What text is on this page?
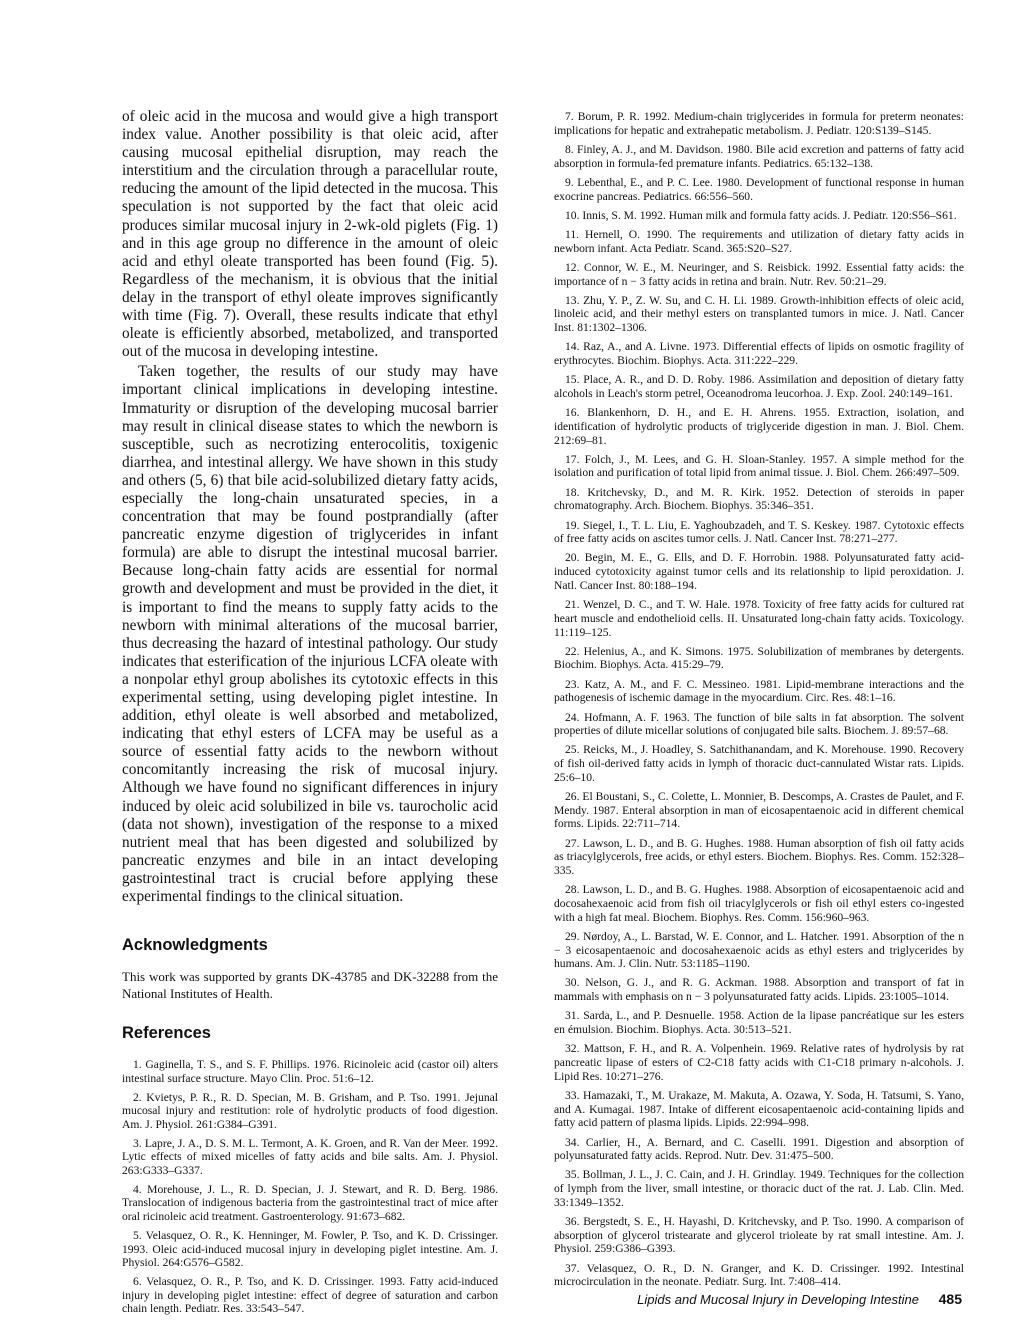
of oleic acid in the mucosa and would give a high transport index value. Another possibility is that oleic acid, after causing mucosal epithelial disruption, may reach the interstitium and the circulation through a paracellular route, reducing the amount of the lipid detected in the mucosa. This speculation is not supported by the fact that oleic acid produces similar mucosal injury in 2-wk-old piglets (Fig. 1) and in this age group no difference in the amount of oleic acid and ethyl oleate transported has been found (Fig. 5). Regardless of the mechanism, it is obvious that the initial delay in the transport of ethyl oleate improves significantly with time (Fig. 7). Overall, these results indicate that ethyl oleate is efficiently absorbed, metabolized, and transported out of the mucosa in developing intestine.

Taken together, the results of our study may have important clinical implications in developing intestine. Immaturity or disruption of the developing mucosal barrier may result in clinical disease states to which the newborn is susceptible, such as necrotizing enterocolitis, toxigenic diarrhea, and intestinal allergy. We have shown in this study and others (5, 6) that bile acid-solubilized dietary fatty acids, especially the long-chain unsaturated species, in a concentration that may be found postprandially (after pancreatic enzyme digestion of triglycerides in infant formula) are able to disrupt the intestinal mucosal barrier. Because long-chain fatty acids are essential for normal growth and development and must be provided in the diet, it is important to find the means to supply fatty acids to the newborn with minimal alterations of the mucosal barrier, thus decreasing the hazard of intestinal pathology. Our study indicates that esterification of the injurious LCFA oleate with a nonpolar ethyl group abolishes its cytotoxic effects in this experimental setting, using developing piglet intestine. In addition, ethyl oleate is well absorbed and metabolized, indicating that ethyl esters of LCFA may be useful as a source of essential fatty acids to the newborn without concomitantly increasing the risk of mucosal injury. Although we have found no significant differences in injury induced by oleic acid solubilized in bile vs. taurocholic acid (data not shown), investigation of the response to a mixed nutrient meal that has been digested and solubilized by pancreatic enzymes and bile in an intact developing gastrointestinal tract is crucial before applying these experimental findings to the clinical situation.

Acknowledgments

This work was supported by grants DK-43785 and DK-32288 from the National Institutes of Health.

References

1. Gaginella, T. S., and S. F. Phillips. 1976. Ricinoleic acid (castor oil) alters intestinal surface structure. Mayo Clin. Proc. 51:6–12.

2. Kvietys, P. R., R. D. Specian, M. B. Grisham, and P. Tso. 1991. Jejunal mucosal injury and restitution: role of hydrolytic products of food digestion. Am. J. Physiol. 261:G384–G391.

3. Lapre, J. A., D. S. M. L. Termont, A. K. Groen, and R. Van der Meer. 1992. Lytic effects of mixed micelles of fatty acids and bile salts. Am. J. Physiol. 263:G333–G337.

4. Morehouse, J. L., R. D. Specian, J. J. Stewart, and R. D. Berg. 1986. Translocation of indigenous bacteria from the gastrointestinal tract of mice after oral ricinoleic acid treatment. Gastroenterology. 91:673–682.

5. Velasquez, O. R., K. Henninger, M. Fowler, P. Tso, and K. D. Crissinger. 1993. Oleic acid-induced mucosal injury in developing piglet intestine. Am. J. Physiol. 264:G576–G582.

6. Velasquez, O. R., P. Tso, and K. D. Crissinger. 1993. Fatty acid-induced injury in developing piglet intestine: effect of degree of saturation and carbon chain length. Pediatr. Res. 33:543–547.

7. Borum, P. R. 1992. Medium-chain triglycerides in formula for preterm neonates: implications for hepatic and extrahepatic metabolism. J. Pediatr. 120:S139–S145.

8. Finley, A. J., and M. Davidson. 1980. Bile acid excretion and patterns of fatty acid absorption in formula-fed premature infants. Pediatrics. 65:132–138.

9. Lebenthal, E., and P. C. Lee. 1980. Development of functional response in human exocrine pancreas. Pediatrics. 66:556–560.

10. Innis, S. M. 1992. Human milk and formula fatty acids. J. Pediatr. 120:S56–S61.

11. Hernell, O. 1990. The requirements and utilization of dietary fatty acids in newborn infant. Acta Pediatr. Scand. 365:S20–S27.

12. Connor, W. E., M. Neuringer, and S. Reisbick. 1992. Essential fatty acids: the importance of n − 3 fatty acids in retina and brain. Nutr. Rev. 50:21–29.

13. Zhu, Y. P., Z. W. Su, and C. H. Li. 1989. Growth-inhibition effects of oleic acid, linoleic acid, and their methyl esters on transplanted tumors in mice. J. Natl. Cancer Inst. 81:1302–1306.

14. Raz, A., and A. Livne. 1973. Differential effects of lipids on osmotic fragility of erythrocytes. Biochim. Biophys. Acta. 311:222–229.

15. Place, A. R., and D. D. Roby. 1986. Assimilation and deposition of dietary fatty alcohols in Leach's storm petrel, Oceanodroma leucorhoa. J. Exp. Zool. 240:149–161.

16. Blankenhorn, D. H., and E. H. Ahrens. 1955. Extraction, isolation, and identification of hydrolytic products of triglyceride digestion in man. J. Biol. Chem. 212:69–81.

17. Folch, J., M. Lees, and G. H. Sloan-Stanley. 1957. A simple method for the isolation and purification of total lipid from animal tissue. J. Biol. Chem. 266:497–509.

18. Kritchevsky, D., and M. R. Kirk. 1952. Detection of steroids in paper chromatography. Arch. Biochem. Biophys. 35:346–351.

19. Siegel, I., T. L. Liu, E. Yaghoubzadeh, and T. S. Keskey. 1987. Cytotoxic effects of free fatty acids on ascites tumor cells. J. Natl. Cancer Inst. 78:271–277.

20. Begin, M. E., G. Ells, and D. F. Horrobin. 1988. Polyunsaturated fatty acid-induced cytotoxicity against tumor cells and its relationship to lipid peroxidation. J. Natl. Cancer Inst. 80:188–194.

21. Wenzel, D. C., and T. W. Hale. 1978. Toxicity of free fatty acids for cultured rat heart muscle and endothelioid cells. II. Unsaturated long-chain fatty acids. Toxicology. 11:119–125.

22. Helenius, A., and K. Simons. 1975. Solubilization of membranes by detergents. Biochim. Biophys. Acta. 415:29–79.

23. Katz, A. M., and F. C. Messineo. 1981. Lipid-membrane interactions and the pathogenesis of ischemic damage in the myocardium. Circ. Res. 48:1–16.

24. Hofmann, A. F. 1963. The function of bile salts in fat absorption. The solvent properties of dilute micellar solutions of conjugated bile salts. Biochem. J. 89:57–68.

25. Reicks, M., J. Hoadley, S. Satchithanandam, and K. Morehouse. 1990. Recovery of fish oil-derived fatty acids in lymph of thoracic duct-cannulated Wistar rats. Lipids. 25:6–10.

26. El Boustani, S., C. Colette, L. Monnier, B. Descomps, A. Crastes de Paulet, and F. Mendy. 1987. Enteral absorption in man of eicosapentaenoic acid in different chemical forms. Lipids. 22:711–714.

27. Lawson, L. D., and B. G. Hughes. 1988. Human absorption of fish oil fatty acids as triacylglycerols, free acids, or ethyl esters. Biochem. Biophys. Res. Comm. 152:328–335.

28. Lawson, L. D., and B. G. Hughes. 1988. Absorption of eicosapentaenoic acid and docosahexaenoic acid from fish oil triacylglycerols or fish oil ethyl esters co-ingested with a high fat meal. Biochem. Biophys. Res. Comm. 156:960–963.

29. Nørdoy, A., L. Barstad, W. E. Connor, and L. Hatcher. 1991. Absorption of the n − 3 eicosapentaenoic and docosahexaenoic acids as ethyl esters and triglycerides by humans. Am. J. Clin. Nutr. 53:1185–1190.

30. Nelson, G. J., and R. G. Ackman. 1988. Absorption and transport of fat in mammals with emphasis on n − 3 polyunsaturated fatty acids. Lipids. 23:1005–1014.

31. Sarda, L., and P. Desnuelle. 1958. Action de la lipase pancréatique sur les esters en émulsion. Biochim. Biophys. Acta. 30:513–521.

32. Mattson, F. H., and R. A. Volpenhein. 1969. Relative rates of hydrolysis by rat pancreatic lipase of esters of C2-C18 fatty acids with C1-C18 primary n-alcohols. J. Lipid Res. 10:271–276.

33. Hamazaki, T., M. Urakaze, M. Makuta, A. Ozawa, Y. Soda, H. Tatsumi, S. Yano, and A. Kumagai. 1987. Intake of different eicosapentaenoic acid-containing lipids and fatty acid pattern of plasma lipids. Lipids. 22:994–998.

34. Carlier, H., A. Bernard, and C. Caselli. 1991. Digestion and absorption of polyunsaturated fatty acids. Reprod. Nutr. Dev. 31:475–500.

35. Bollman, J. L., J. C. Cain, and J. H. Grindlay. 1949. Techniques for the collection of lymph from the liver, small intestine, or thoracic duct of the rat. J. Lab. Clin. Med. 33:1349–1352.

36. Bergstedt, S. E., H. Hayashi, D. Kritchevsky, and P. Tso. 1990. A comparison of absorption of glycerol tristearate and glycerol trioleate by rat small intestine. Am. J. Physiol. 259:G386–G393.

37. Velasquez, O. R., D. N. Granger, and K. D. Crissinger. 1992. Intestinal microcirculation in the neonate. Pediatr. Surg. Int. 7:408–414.

Lipids and Mucosal Injury in Developing Intestine 485
